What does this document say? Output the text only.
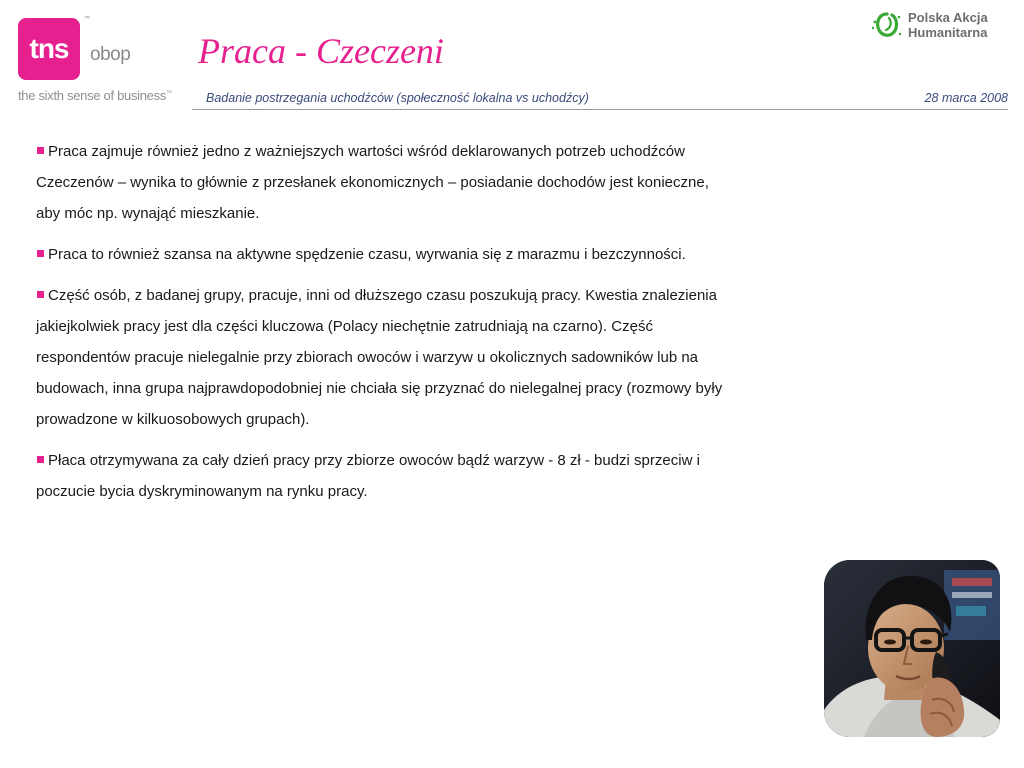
tns
™
obop
the sixth sense of business™
Praca - Czeczeni
Polska Akcja
Humanitarna
Badanie postrzegania uchodźców (społeczność lokalna vs uchodźcy)	28 marca 2008

Praca zajmuje również jedno z ważniejszych wartości wśród deklarowanych potrzeb uchodźców
Czeczenów – wynika to głównie z przesłanek ekonomicznych – posiadanie dochodów jest konieczne,
aby móc np. wynająć mieszkanie.

Praca to również szansa na aktywne spędzenie czasu, wyrwania się z marazmu i bezczynności.

Część osób, z badanej grupy, pracuje, inni od dłuższego czasu poszukują pracy. Kwestia znalezienia
jakiejkolwiek pracy jest dla części kluczowa (Polacy niechętnie zatrudniają na czarno). Część
respondentów pracuje nielegalnie przy zbiorach owoców i warzyw u okolicznych sadowników lub na
budowach, inna grupa najprawdopodobniej nie chciała się przyznać do nielegalnej pracy (rozmowy były
prowadzone w kilkuosobowych grupach).

Płaca otrzymywana za cały dzień pracy przy zbiorze owoców bądź warzyw - 8 zł - budzi sprzeciw i
poczucie bycia dyskryminowanym na rynku pracy.
